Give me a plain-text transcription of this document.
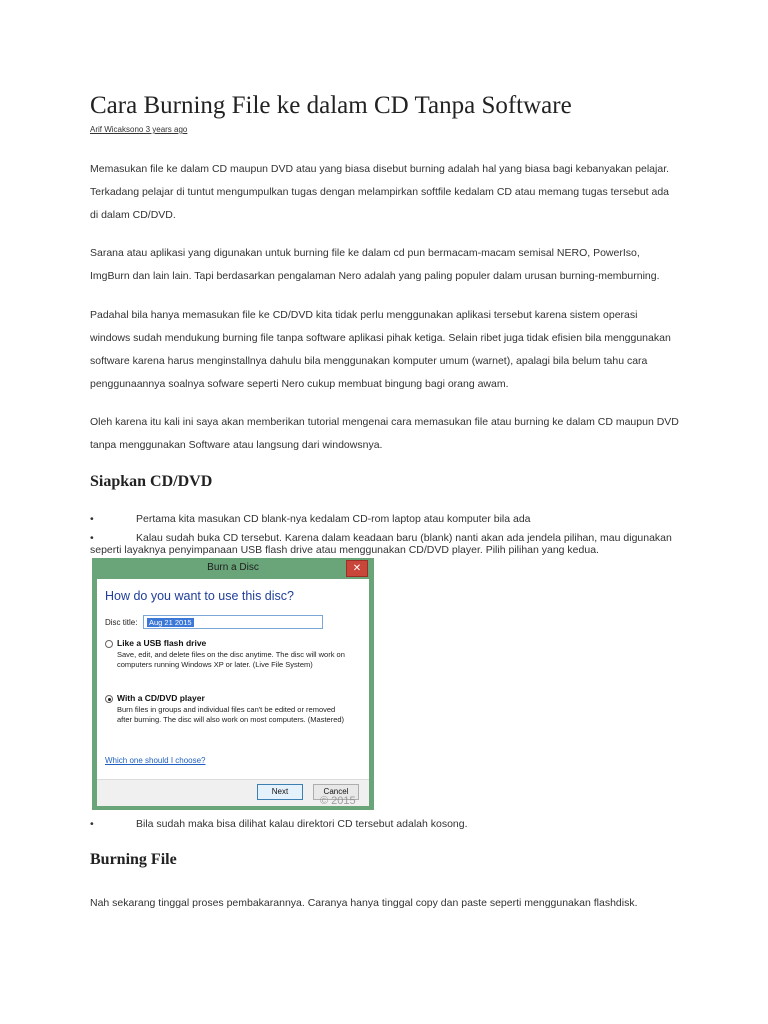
Cara Burning File ke dalam CD Tanpa Software
Arif Wicaksono 3 years ago

Memasukan file ke dalam CD maupun DVD atau yang biasa disebut burning adalah hal yang biasa bagi kebanyakan pelajar. Terkadang pelajar di tuntut mengumpulkan tugas dengan melampirkan softfile kedalam CD atau memang tugas tersebut ada di dalam CD/DVD.

Sarana atau aplikasi yang digunakan untuk burning file ke dalam cd pun bermacam-macam semisal NERO, PowerIso, ImgBurn dan lain lain. Tapi berdasarkan pengalaman Nero adalah yang paling populer dalam urusan burning-memburning.

Padahal bila hanya memasukan file ke CD/DVD kita tidak perlu menggunakan aplikasi tersebut karena sistem operasi windows sudah mendukung burning file tanpa software aplikasi pihak ketiga. Selain ribet juga tidak efisien bila menggunakan software karena harus menginstallnya dahulu bila menggunakan komputer umum (warnet), apalagi bila belum tahu cara penggunaannya soalnya sofware seperti Nero cukup membuat bingung bagi orang awam.

Oleh karena itu kali ini saya akan memberikan tutorial mengenai cara memasukan file atau burning ke dalam CD maupun DVD tanpa menggunakan Software atau langsung dari windowsnya.

Siapkan CD/DVD
•	Pertama kita masukan CD blank-nya kedalam CD-rom laptop atau komputer bila ada
•	Kalau sudah buka CD tersebut. Karena dalam keadaan baru (blank) nanti akan ada jendela pilihan, mau digunakan seperti layaknya penyimpanaan USB flash drive atau menggunakan CD/DVD player. Pilih pilihan yang kedua.
Burn a Disc	✕
How do you want to use this disc?
Disc title: Aug 21 2015
Like a USB flash drive
Save, edit, and delete files on the disc anytime. The disc will work on computers running Windows XP or later. (Live File System)
With a CD/DVD player
Burn files in groups and individual files can't be edited or removed after burning. The disc will also work on most computers. (Mastered)
Which one should I choose?
Next	Cancel
© 2015
•	Bila sudah maka bisa dilihat kalau direktori CD tersebut adalah kosong.
Burning File

Nah sekarang tinggal proses pembakarannya. Caranya hanya tinggal copy dan paste seperti menggunakan flashdisk.
